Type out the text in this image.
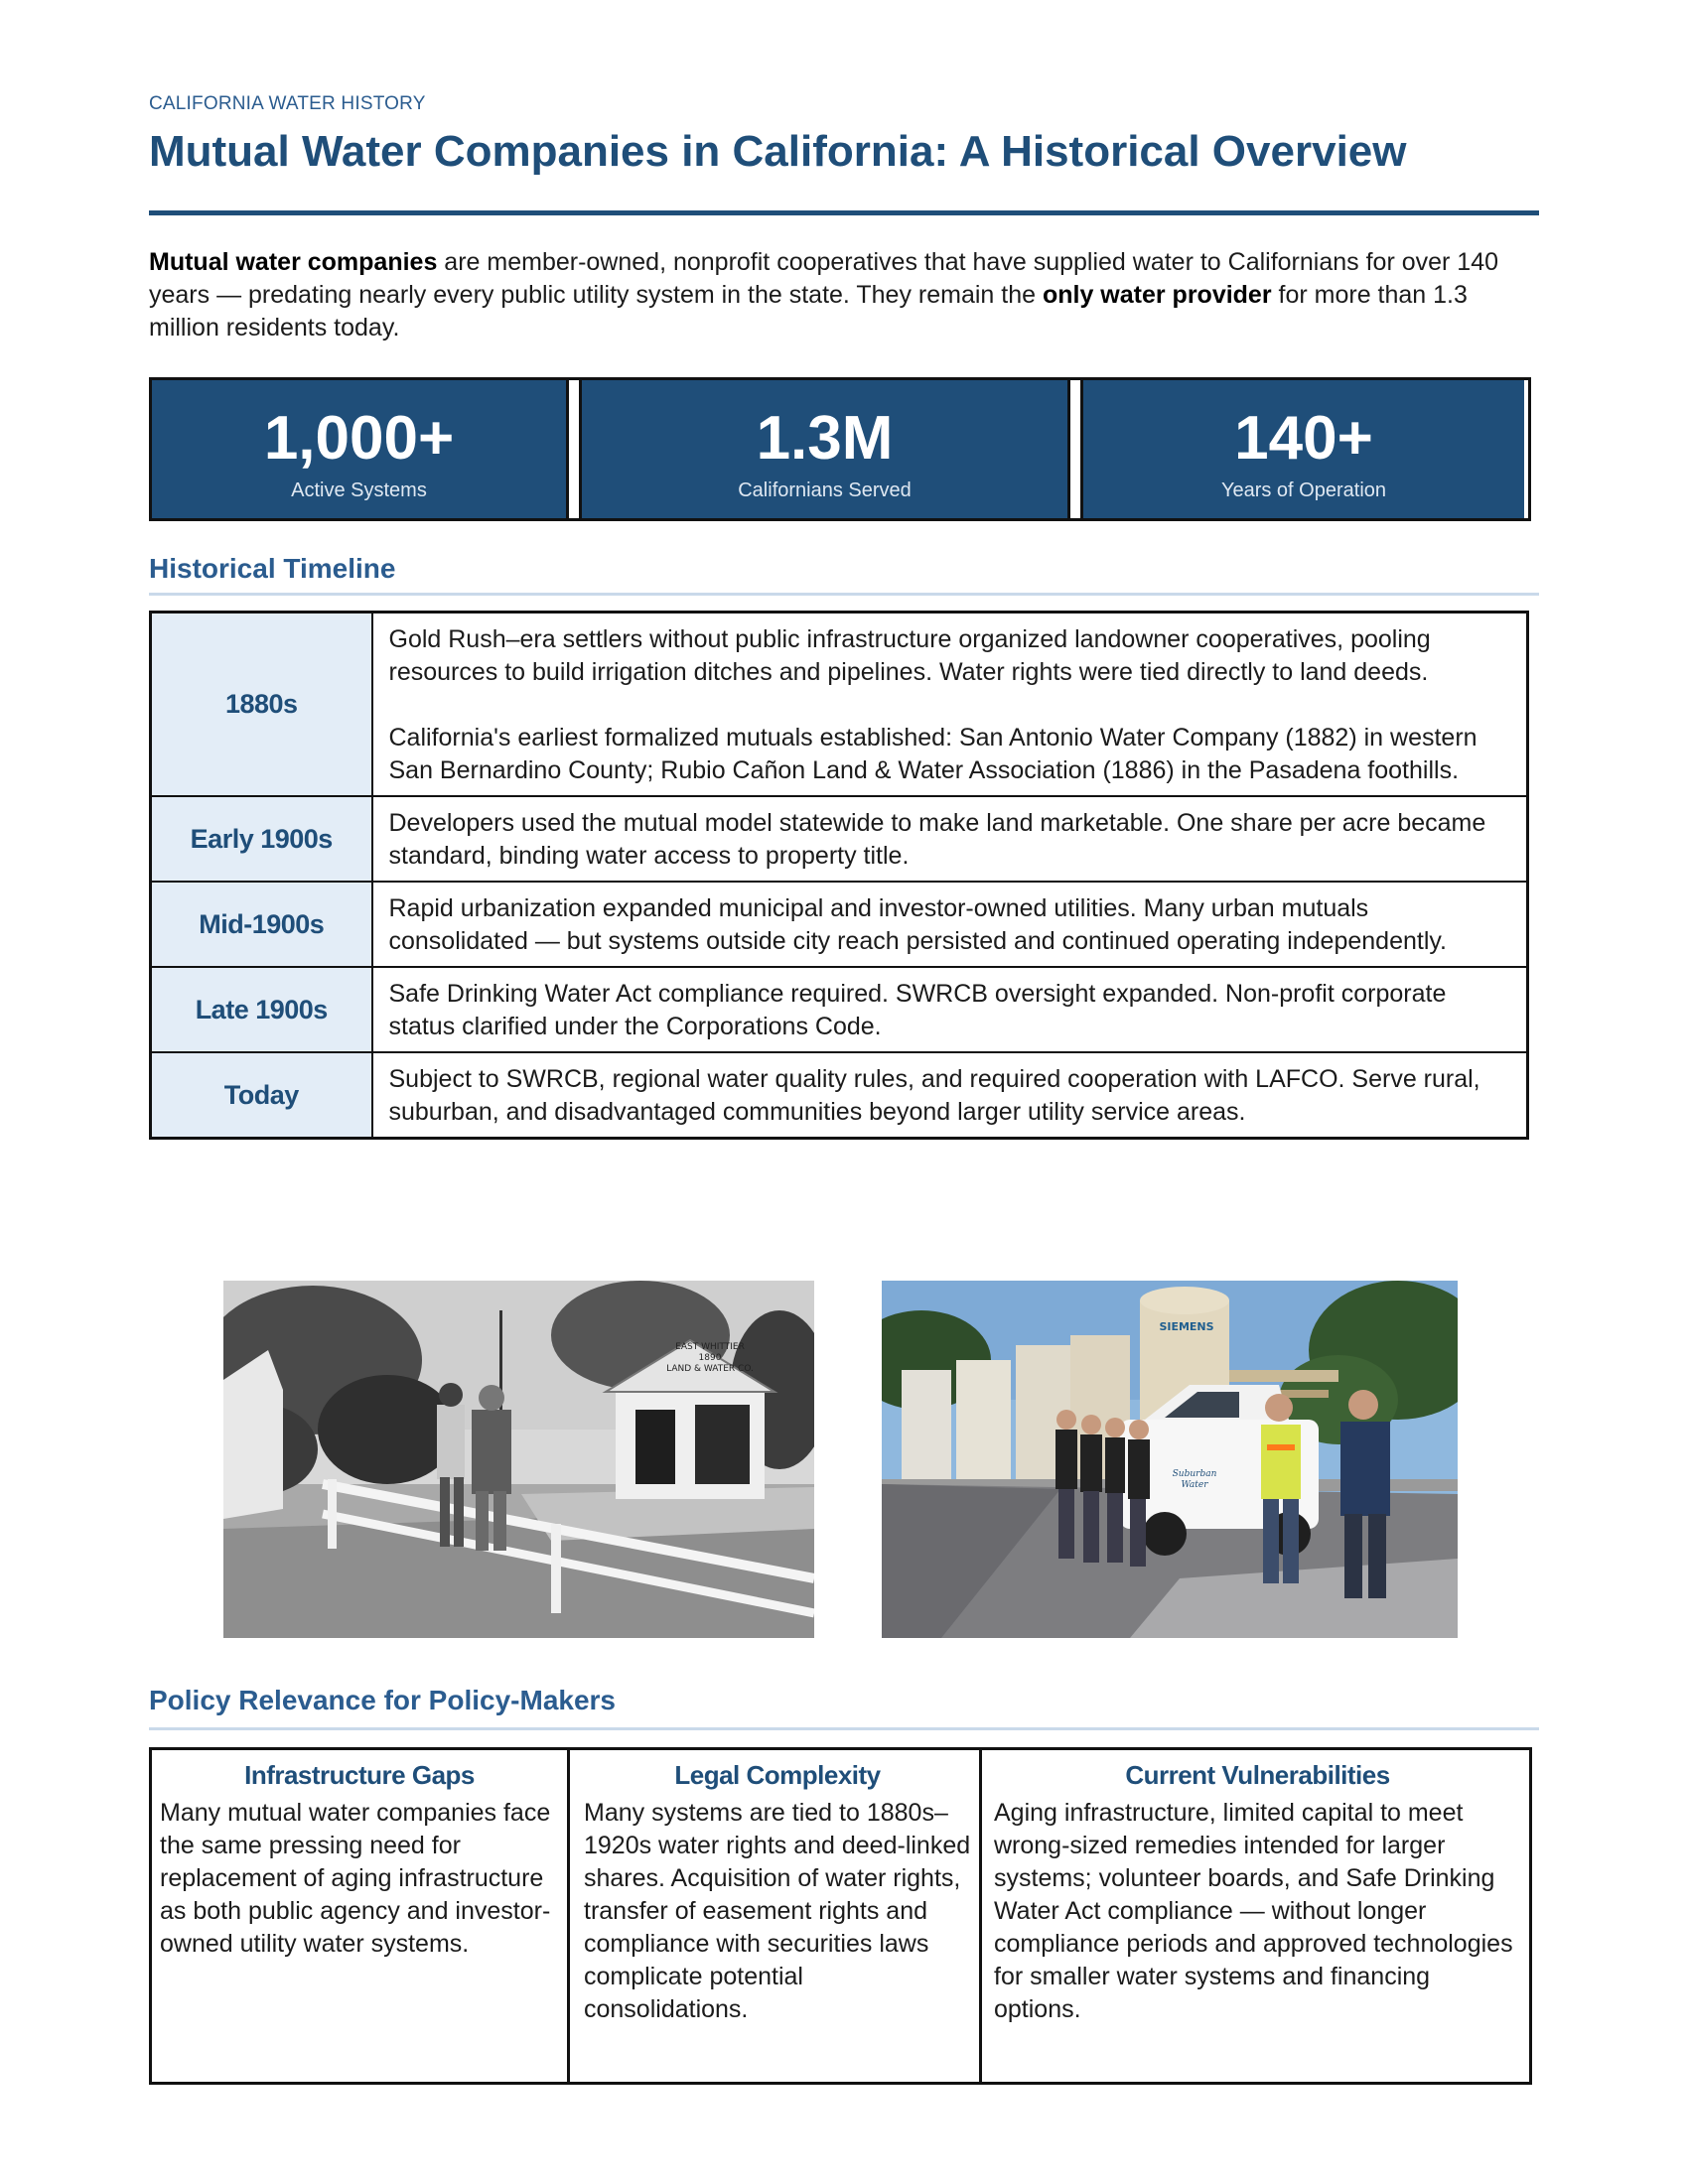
CALIFORNIA WATER HISTORY
Mutual Water Companies in California: A Historical Overview

Mutual water companies are member-owned, nonprofit cooperatives that have supplied water to Californians for over 140 years — predating nearly every public utility system in the state. They remain the only water provider for more than 1.3 million residents today.

1,000+
Active Systems
1.3M
Californians Served
140+
Years of Operation
Historical Timeline
1880s	Gold Rush–era settlers without public infrastructure organized landowner cooperatives, pooling resources to build irrigation ditches and pipelines. Water rights were tied directly to land deeds.

California's earliest formalized mutuals established: San Antonio Water Company (1882) in western San Bernardino County; Rubio Cañon Land & Water Association (1886) in the Pasadena foothills.

Early 1900s	Developers used the mutual model statewide to make land marketable. One share per acre became standard, binding water access to property title.

Mid-1900s	Rapid urbanization expanded municipal and investor-owned utilities. Many urban mutuals consolidated — but systems outside city reach persisted and continued operating independently.

Late 1900s	Safe Drinking Water Act compliance required. SWRCB oversight expanded. Non-profit corporate status clarified under the Corporations Code.

Today	Subject to SWRCB, regional water quality rules, and required cooperation with LAFCO. Serve rural, suburban, and disadvantaged communities beyond larger utility service areas.

EAST WHITTIER
1890
LAND & WATER CO.
SIEMENS
Suburban Water
Policy Relevance for Policy-Makers
Infrastructure Gaps
Many mutual water companies face the same pressing need for replacement of aging infrastructure as both public agency and investor-owned utility water systems.
Legal Complexity
Many systems are tied to 1880s–1920s water rights and deed-linked shares. Acquisition of water rights, transfer of easement rights and compliance with securities laws complicate potential consolidations.
Current Vulnerabilities
Aging infrastructure, limited capital to meet wrong-sized remedies intended for larger systems; volunteer boards, and Safe Drinking Water Act compliance — without longer compliance periods and approved technologies for smaller water systems and financing options.
